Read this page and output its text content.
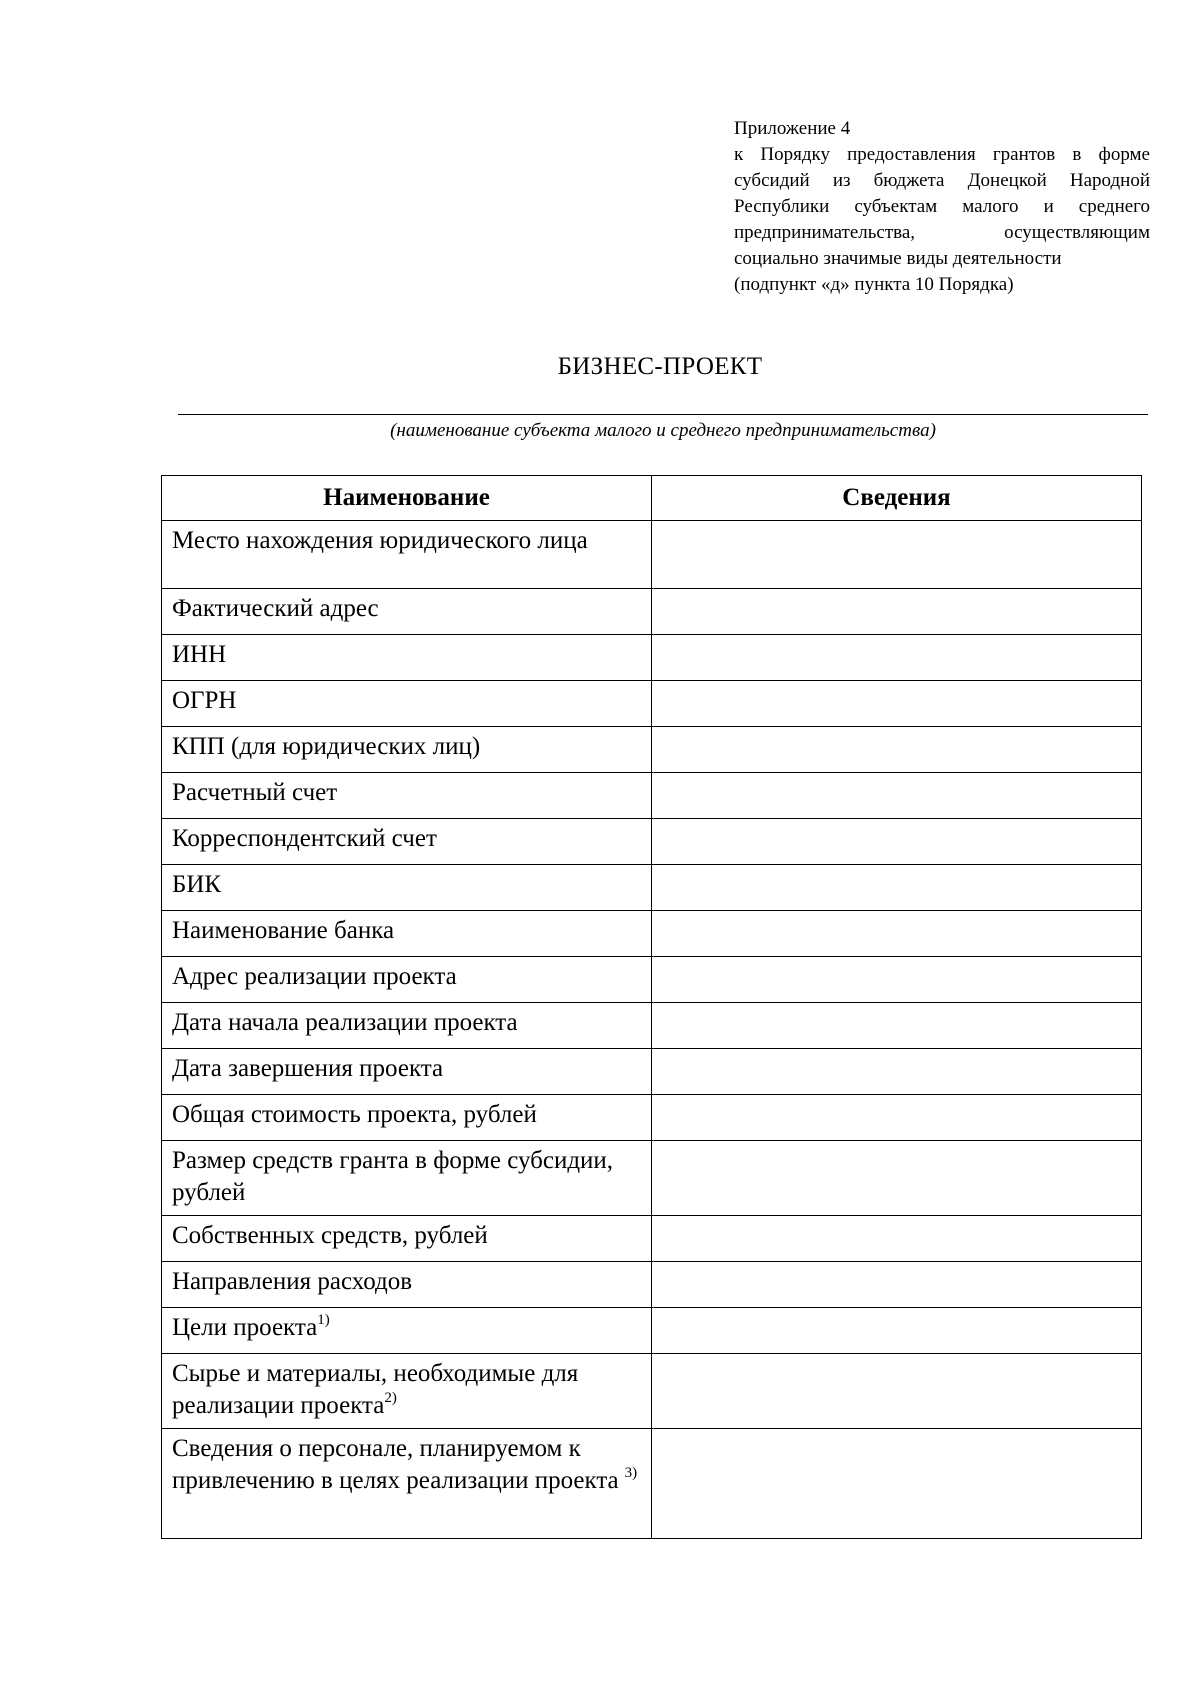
Приложение 4
к Порядку предоставления грантов в форме
субсидий из бюджета Донецкой Народной
Республики субъектам малого и среднего
предпринимательства, осуществляющим
социально значимые виды деятельности
(подпункт «д» пункта 10 Порядка)
БИЗНЕС-ПРОЕКТ
(наименование субъекта малого и среднего предпринимательства)
Наименование	Сведения
Место нахождения юридического лица	
Фактический адрес	
ИНН	
ОГРН	
КПП (для юридических лиц)	
Расчетный счет	
Корреспондентский счет	
БИК	
Наименование банка	
Адрес реализации проекта	
Дата начала реализации проекта	
Дата завершения проекта	
Общая стоимость проекта, рублей	
Размер средств гранта в форме субсидии, рублей	
Собственных средств, рублей	
Направления расходов	
Цели проекта$^{1)}$	
Сырье и материалы, необходимые для реализации проекта$^{2)}$	
Сведения о персонале, планируемом к привлечению в целях реализации проекта $^{3)}$	
